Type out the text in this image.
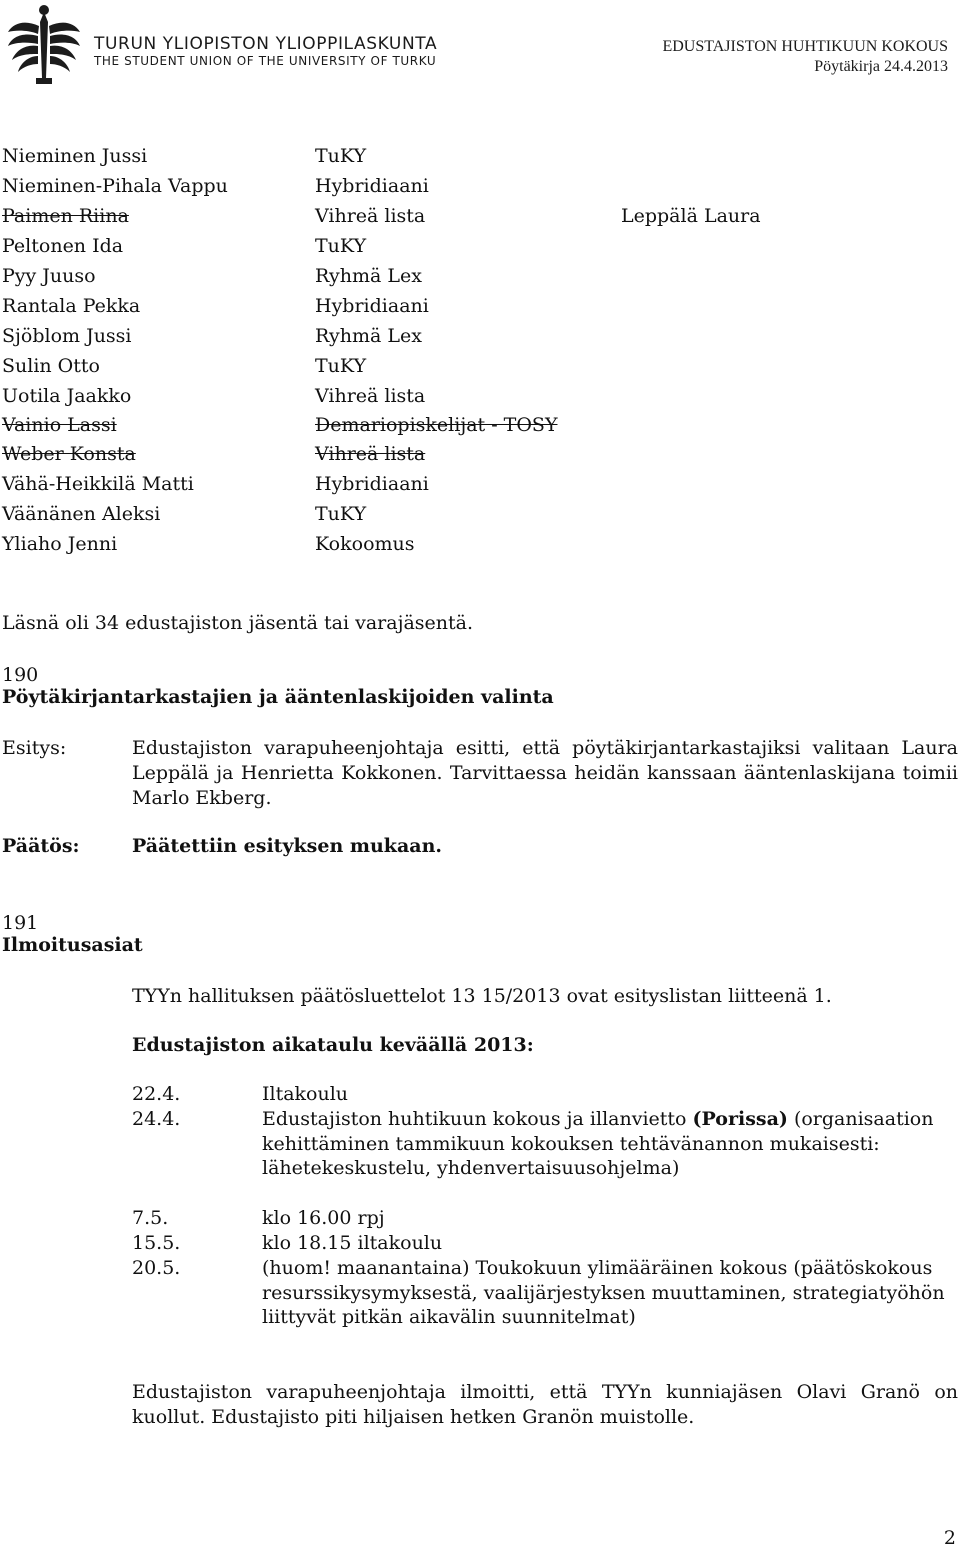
TURUN YLIOPISTON YLIOPPILASKUNTA
THE STUDENT UNION OF THE UNIVERSITY OF TURKU
EDUSTAJISTON HUHTIKUUN KOKOUS
Pöytäkirja 24.4.2013
Nieminen Jussi	TuKY
Nieminen-Pihala Vappu	Hybridiaani
Paimen Riina	Vihreä lista	Leppälä Laura
Peltonen Ida	TuKY
Pyy Juuso	Ryhmä Lex
Rantala Pekka	Hybridiaani
Sjöblom Jussi	Ryhmä Lex
Sulin Otto	TuKY
Uotila Jaakko	Vihreä lista
Vainio Lassi	Demariopiskelijat - TOSY
Weber Konsta	Vihreä lista
Vähä-Heikkilä Matti	Hybridiaani
Väänänen Aleksi	TuKY
Yliaho Jenni	Kokoomus
Läsnä oli 34 edustajiston jäsentä tai varajäsentä.
190
Pöytäkirjantarkastajien ja ääntenlaskijoiden valinta
Esitys:	Edustajiston varapuheenjohtaja esitti, että pöytäkirjantarkastajiksi valitaan Laura Leppälä ja Henrietta Kokkonen. Tarvittaessa heidän kanssaan ääntenlaskijana toimii Marlo Ekberg.
Päätös:	Päätettiin esityksen mukaan.
191
Ilmoitusasiat
TYYn hallituksen päätösluettelot 13 15/2013 ovat esityslistan liitteenä 1.
Edustajiston aikataulu keväällä 2013:
22.4.	Iltakoulu
24.4.	Edustajiston huhtikuun kokous ja illanvietto (Porissa) (organisaation
kehittäminen tammikuun kokouksen tehtävänannon mukaisesti:
lähetekeskustelu, yhdenvertaisuusohjelma)
7.5.	klo 16.00 rpj
15.5.	klo 18.15 iltakoulu
20.5.	(huom! maanantaina) Toukokuun ylimääräinen kokous (päätöskokous
resurssikysymyksestä, vaalijärjestyksen muuttaminen, strategiatyöhön
liittyvät pitkän aikavälin suunnitelmat)
Edustajiston varapuheenjohtaja ilmoitti, että TYYn kunniajäsen Olavi Granö on kuollut. Edustajisto piti hiljaisen hetken Granön muistolle.
2
